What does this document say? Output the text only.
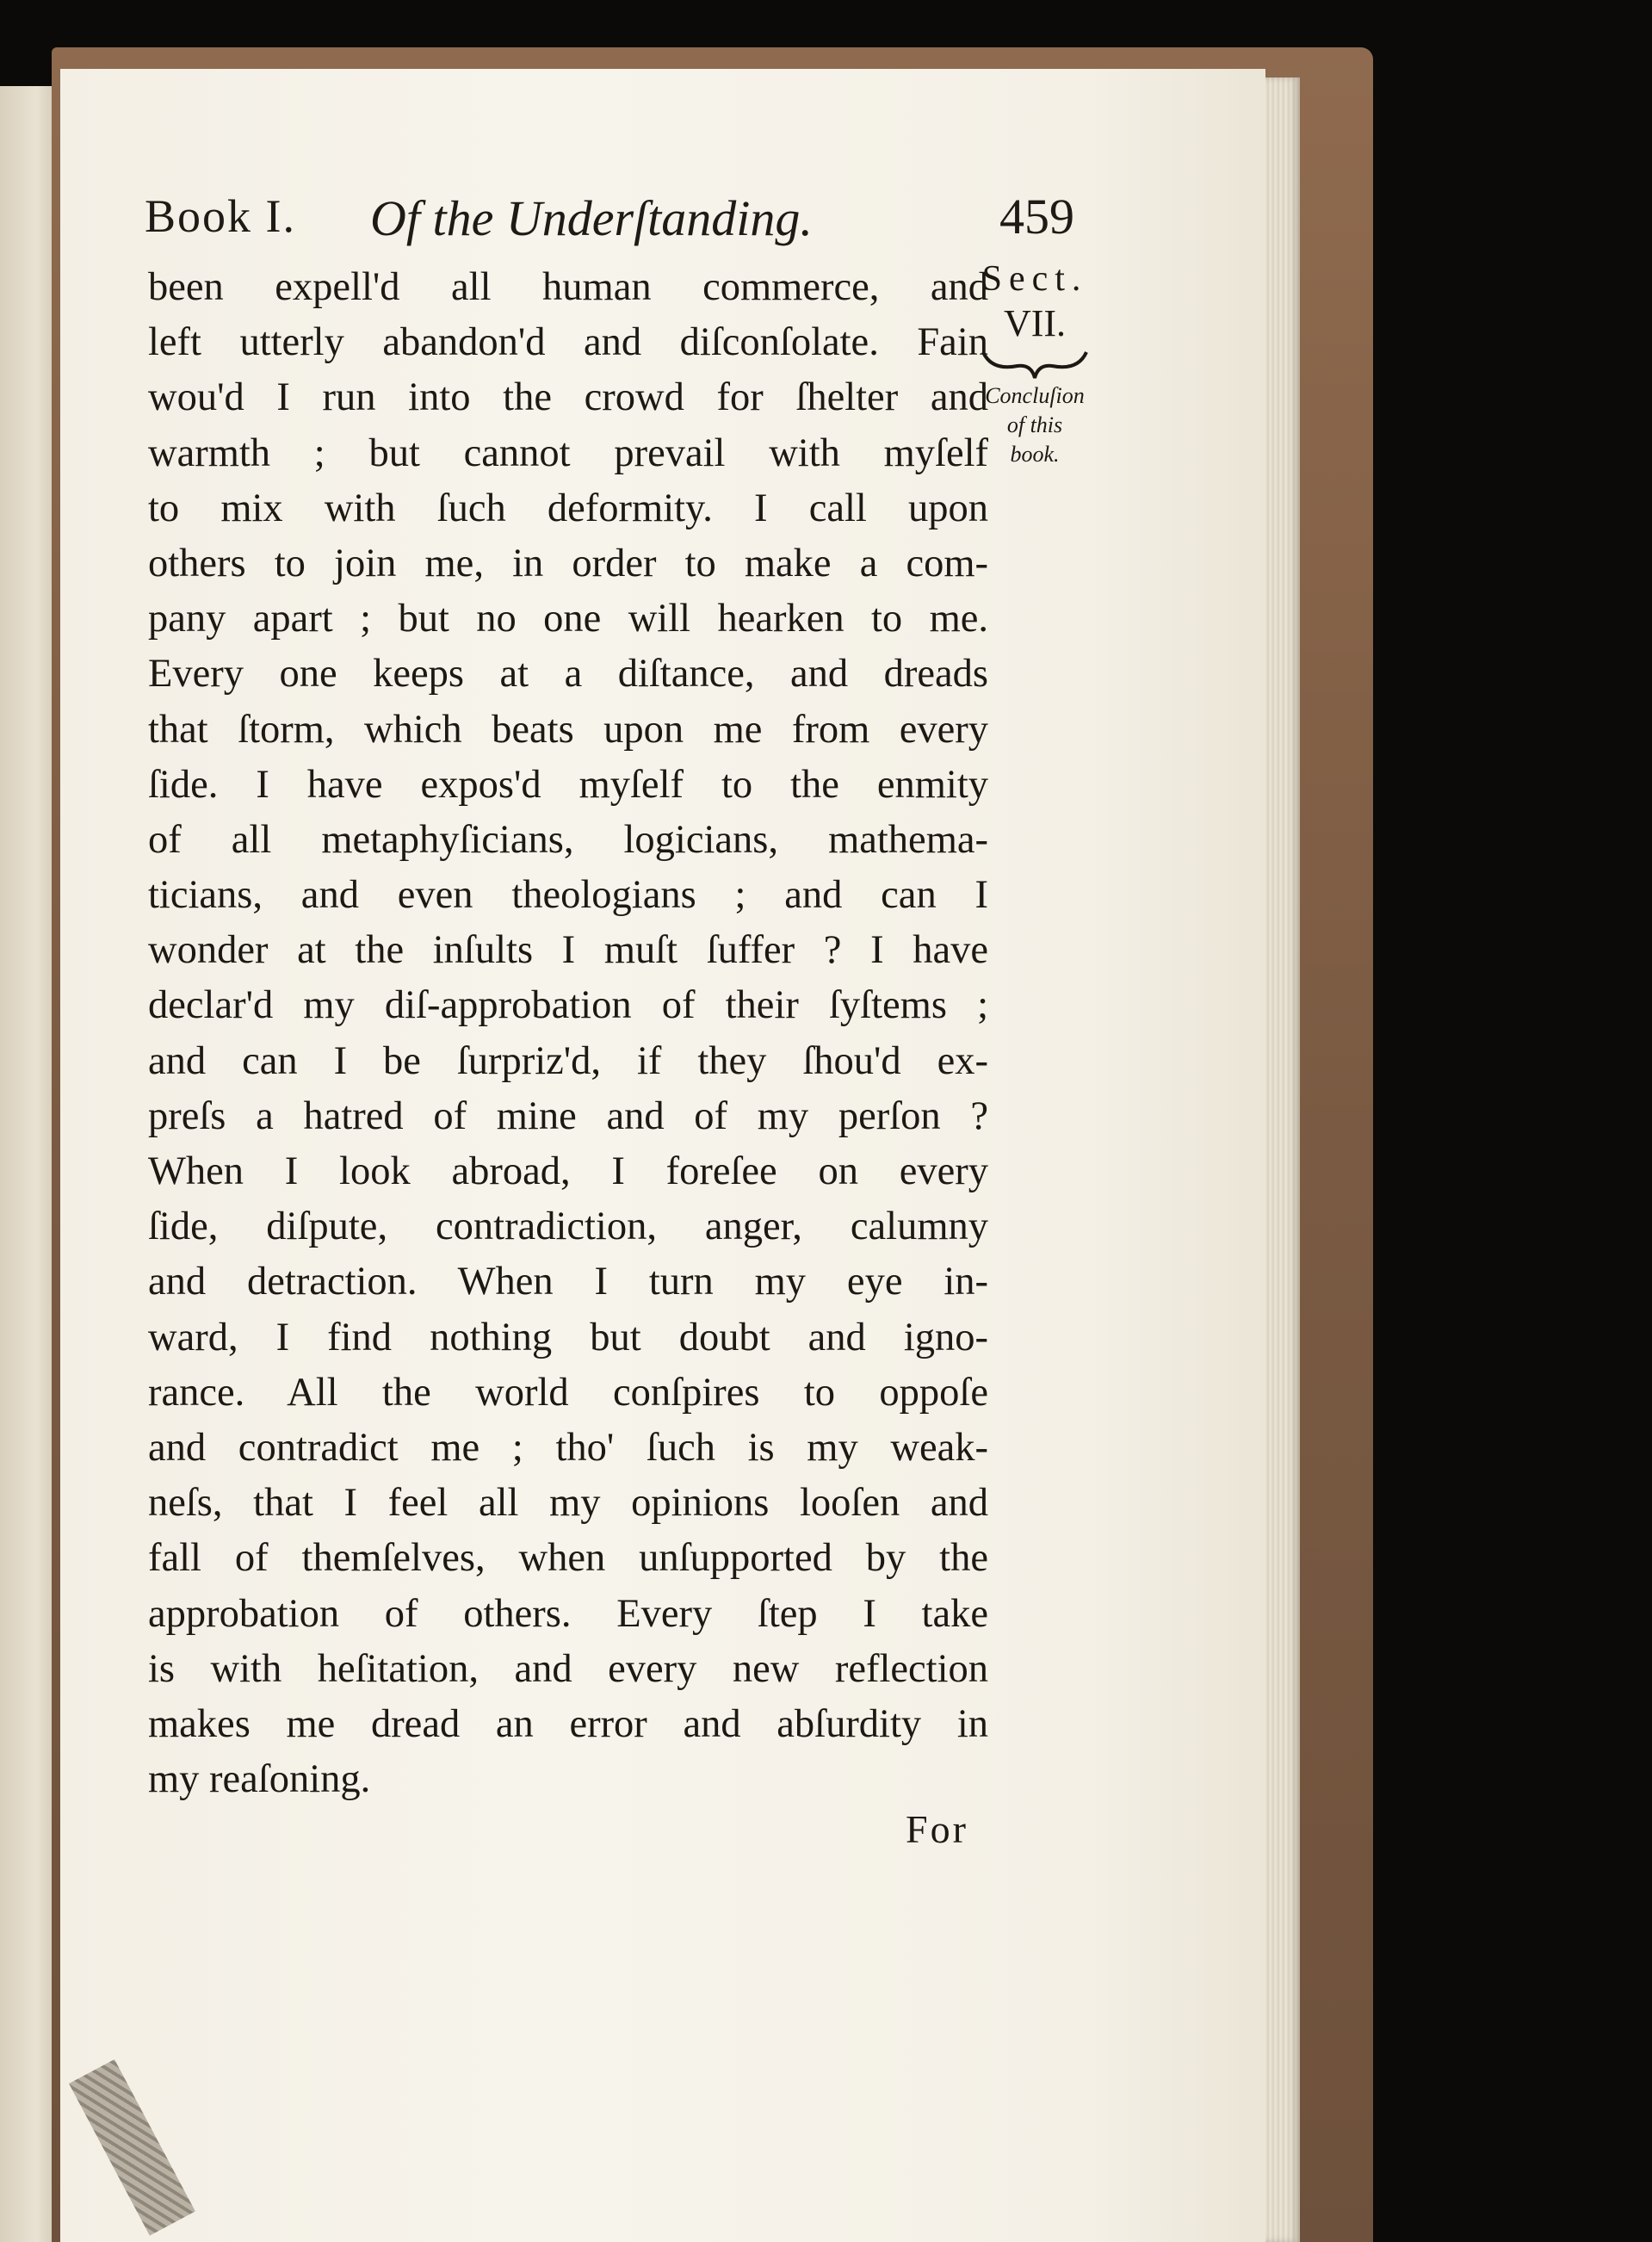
Book I. Of the Underſtanding.	459
Sect.
VII.
Concluſion
of this
book.
been expell'd all human commerce, and
left utterly abandon'd and diſconſolate. Fain
wou'd I run into the crowd for ſhelter and
warmth ; but cannot prevail with myſelf
to mix with ſuch deformity. I call upon
others to join me, in order to make a com-
pany apart ; but no one will hearken to me.
Every one keeps at a diſtance, and dreads
that ſtorm, which beats upon me from every
ſide. I have expos'd myſelf to the enmity
of all metaphyſicians, logicians, mathema-
ticians, and even theologians ; and can I
wonder at the inſults I muſt ſuffer ? I have
declar'd my diſ-approbation of their ſyſtems ;
and can I be ſurpriz'd, if they ſhou'd ex-
preſs a hatred of mine and of my perſon ?
When I look abroad, I foreſee on every
ſide, diſpute, contradiction, anger, calumny
and detraction. When I turn my eye in-
ward, I find nothing but doubt and igno-
rance. All the world conſpires to oppoſe
and contradict me ; tho' ſuch is my weak-
neſs, that I feel all my opinions looſen and
fall of themſelves, when unſupported by the
approbation of others. Every ſtep I take
is with heſitation, and every new reflection
makes me dread an error and abſurdity in
my reaſoning.
For
